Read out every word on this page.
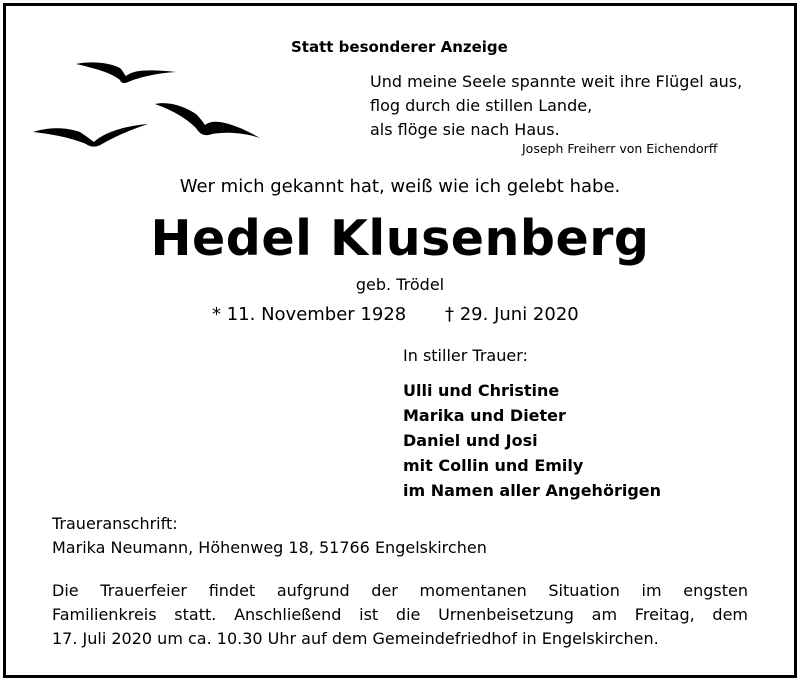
Statt besonderer Anzeige
Und meine Seele spannte weit ihre Flügel aus,
flog durch die stillen Lande,
als flöge sie nach Haus.
Joseph Freiherr von Eichendorff
Wer mich gekannt hat, weiß wie ich gelebt habe.
Hedel Klusenberg
geb. Trödel
* 11. November 1928 † 29. Juni 2020
In stiller Trauer:
Ulli und Christine
Marika und Dieter
Daniel und Josi
mit Collin und Emily
im Namen aller Angehörigen
Traueranschrift:
Marika Neumann, Höhenweg 18, 51766 Engelskirchen
Die Trauerfeier findet aufgrund der momentanen Situation im engsten
Familienkreis statt. Anschließend ist die Urnenbeisetzung am Freitag, dem
17. Juli 2020 um ca. 10.30 Uhr auf dem Gemeindefriedhof in Engelskirchen.
